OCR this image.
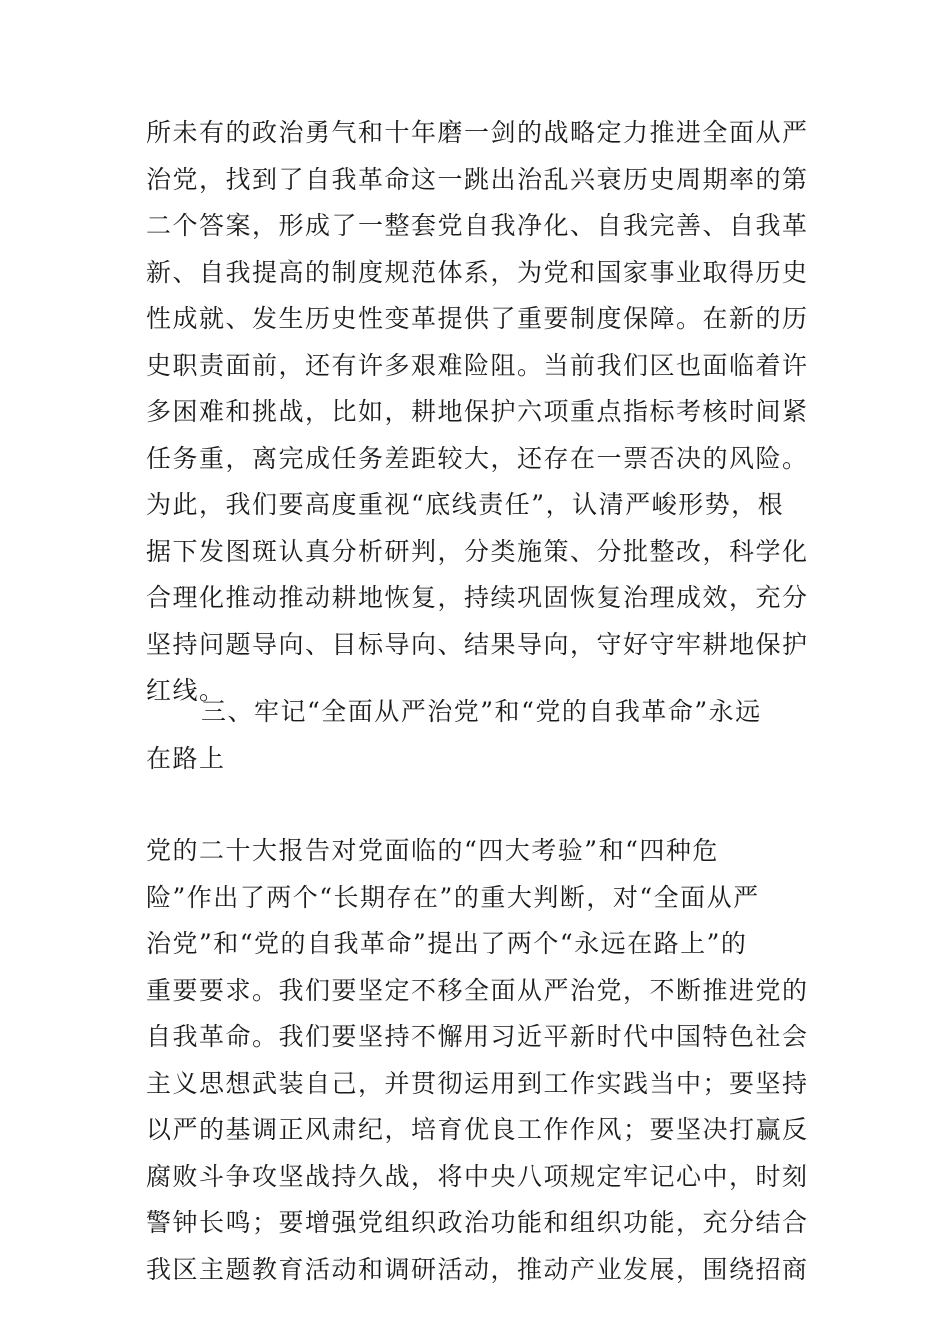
所未有的政治勇气和十年磨一剑的战略定力推进全面从严
治党，找到了自我革命这一跳出治乱兴衰历史周期率的第
二个答案，形成了一整套党自我净化、自我完善、自我革
新、自我提高的制度规范体系，为党和国家事业取得历史
性成就、发生历史性变革提供了重要制度保障。在新的历
史职责面前，还有许多艰难险阻。当前我们区也面临着许
多困难和挑战，比如，耕地保护六项重点指标考核时间紧
任务重，离完成任务差距较大，还存在一票否决的风险。
为此，我们要高度重视“底线责任”，认清严峻形势，根
据下发图斑认真分析研判，分类施策、分批整改，科学化
合理化推动推动耕地恢复，持续巩固恢复治理成效，充分
坚持问题导向、目标导向、结果导向，守好守牢耕地保护
红线。
三、牢记“全面从严治党”和“党的自我革命”永远
在路上
党的二十大报告对党面临的“四大考验”和“四种危
险”作出了两个“长期存在”的重大判断，对“全面从严
治党”和“党的自我革命”提出了两个“永远在路上”的
重要要求。我们要坚定不移全面从严治党，不断推进党的
自我革命。我们要坚持不懈用习近平新时代中国特色社会
主义思想武装自己，并贯彻运用到工作实践当中；要坚持
以严的基调正风肃纪，培育优良工作作风；要坚决打赢反
腐败斗争攻坚战持久战，将中央八项规定牢记心中，时刻
警钟长鸣；要增强党组织政治功能和组织功能，充分结合
我区主题教育活动和调研活动，推动产业发展，围绕招商
